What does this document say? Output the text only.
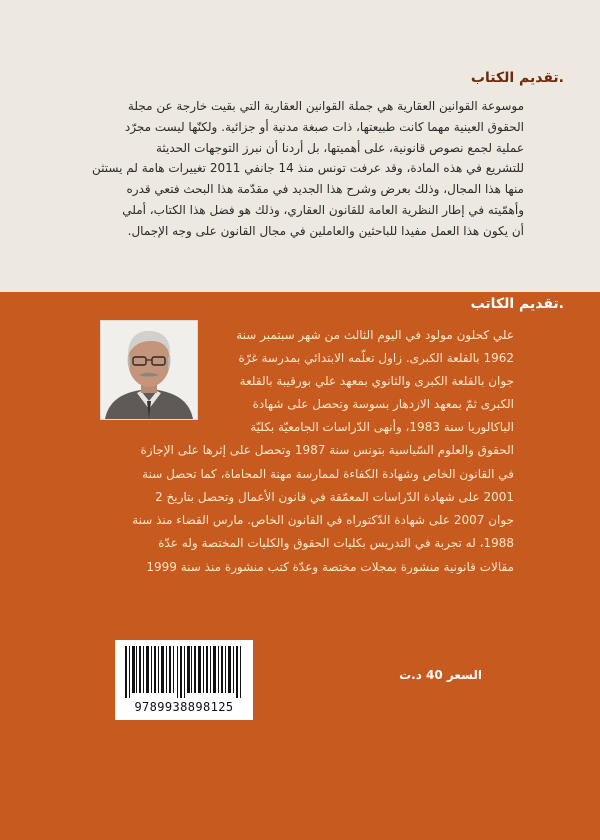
.تقديم الكتاب

موسوعة القوانين العقارية هي جملة القوانين العقارية التي بقيت خارجة عن مجلة
الحقوق العينية مهما كانت طبيعتها، ذات صبغة مدنية أو جزائية. ولكنّها ليست مجرّد
عملية لجمع نصوص قانونية، على أهميتها، بل أردنا أن نبرز التوجهات الحديثة
للتشريع في هذه المادة، وقد عرفت تونس منذ 14 جانفي 2011 تغييرات هامة لم يستثن
منها هذا المجال، وذلك بعرض وشرح هذا الجديد في مقدّمة هذا البحث فتعي قدره
وأهمّيته في إطار النظرية العامة للقانون العقاري، وذلك هو فضل هذا الكتاب، أملي
أن يكون هذا العمل مفيدا للباحثين والعاملين في مجال القانون على وجه الإجمال.

.تقديم الكاتب

علي كحلون مولود في اليوم الثالث من شهر سبتمبر سنة
1962 بالقلعة الكبرى. زاول تعلّمه الابتدائي بمدرسة غرّة
جوان بالقلعة الكبرى والثانوي بمعهد علي بورقيبة بالقلعة
الكبرى ثمّ بمعهد الازدهار بسوسة وتحصل على شهادة

الباكالوريا سنة 1983، وأنهى الدّراسات الجامعيّة بكليّة
الحقوق والعلوم السّياسية بتونس سنة 1987 وتحصل على إثرها على الإجازة
في القانون الخاص وشهادة الكفاءة لممارسة مهنة المحاماة، كما تحصل سنة
2001 على شهادة الدّراسات المعمّقة في قانون الأعمال وتحصل بتاريخ 2
جوان 2007 على شهادة الدّكتوراه في القانون الخاص. مارس القضاء منذ سنة
1988، له تجربة في التدريس بكليات الحقوق والكليات المختصة وله عدّة
مقالات قانونية منشورة بمجلات مختصة وعدّة كتب منشورة منذ سنة 1999

9789938898125
السعر 40 د.ت
